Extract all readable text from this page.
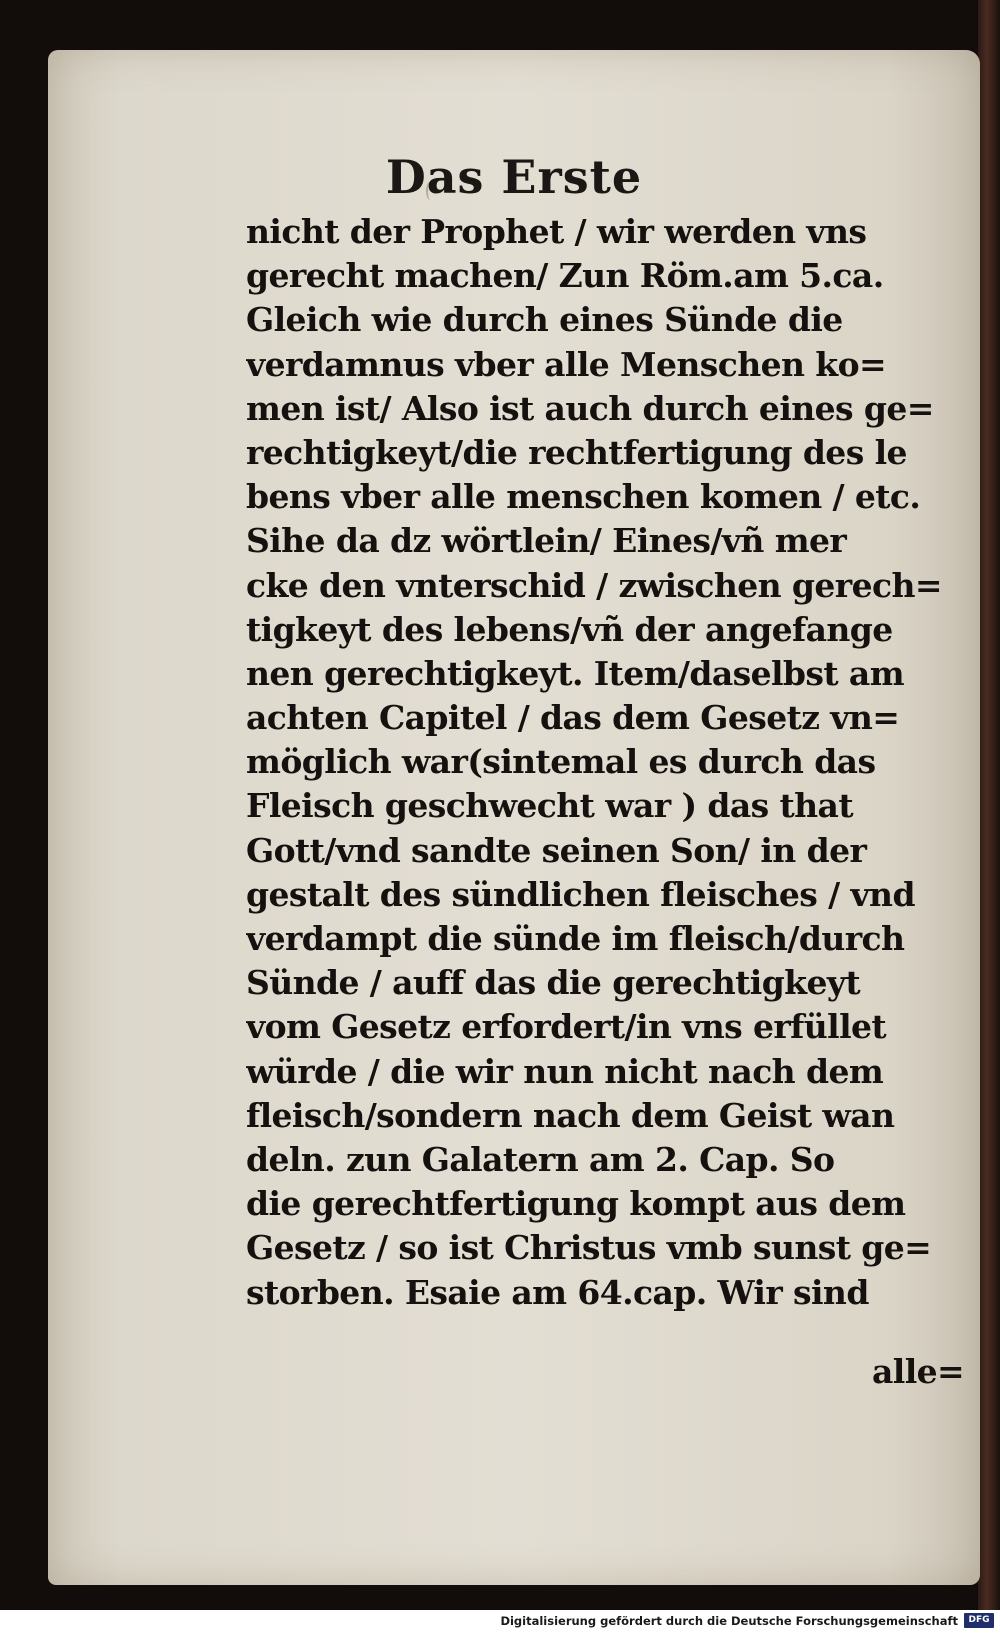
Das Erste
nicht der Prophet / wir werden vns
gerecht machen/ Zun Röm.am 5.ca.
Gleich wie durch eines Sünde die
verdamnus vber alle Menschen ko=
men ist/ Also ist auch durch eines ge=
rechtigkeyt/die rechtfertigung des le
bens vber alle menschen komen / etc.
Sihe da dz wörtlein/ Eines/vñ mer
cke den vnterschid / zwischen gerech=
tigkeyt des lebens/vñ der angefange
nen gerechtigkeyt. Item/daselbst am
achten Capitel / das dem Gesetz vn=
möglich war(sintemal es durch das
Fleisch geschwecht war ) das that
Gott/vnd sandte seinen Son/ in der
gestalt des sündlichen fleisches / vnd
verdampt die sünde im fleisch/durch
Sünde / auff das die gerechtigkeyt
vom Gesetz erfordert/in vns erfüllet
würde / die wir nun nicht nach dem
fleisch/sondern nach dem Geist wan
deln. zun Galatern am 2. Cap. So
die gerechtfertigung kompt aus dem
Gesetz / so ist Christus vmb sunst ge=
storben. Esaie am 64.cap. Wir sind
alle=
Digitalisierung gefördert durch die Deutsche Forschungsgemeinschaft	DFG
